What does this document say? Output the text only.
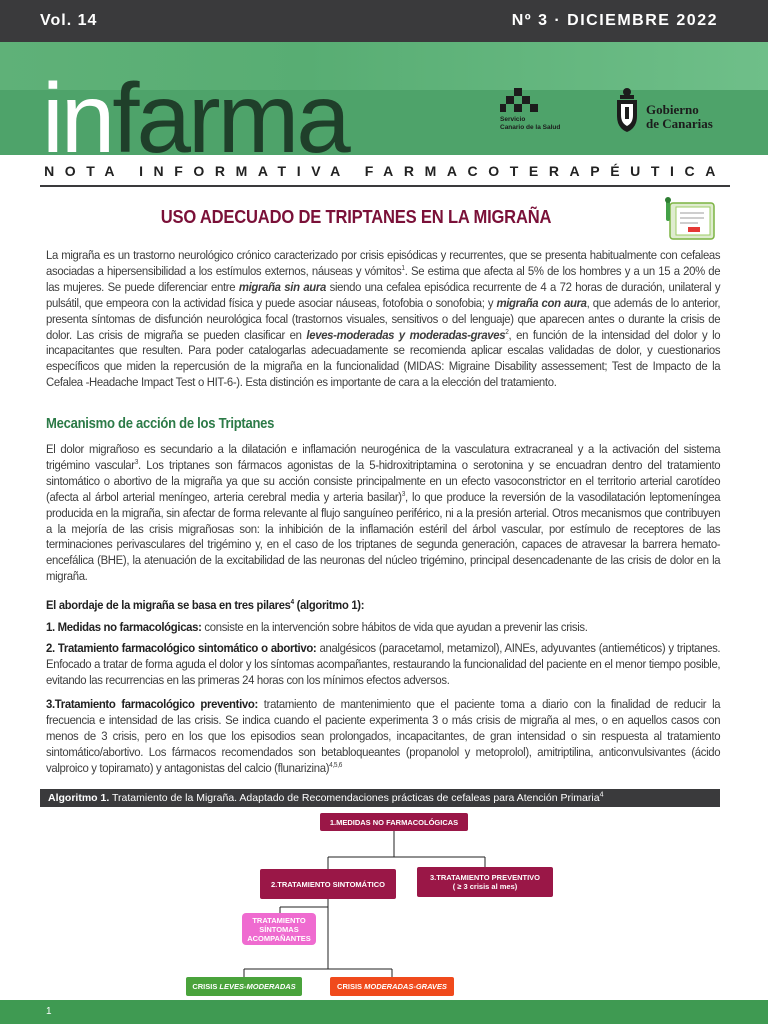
Vol. 14	Nº 3 · DICIEMBRE 2022
infarma	Servicio
Canario de la Salud
Gobierno
de Canarias
NOTA INFORMATIVA FARMACOTERAPÉUTICA
USO ADECUADO DE TRIPTANES EN LA MIGRAÑA

La migraña es un trastorno neurológico crónico caracterizado por crisis episódicas y recurrentes, que se presenta habitualmente con cefaleas asociadas a hipersensibilidad a los estímulos externos, náuseas y vómitos$^1$. Se estima que afecta al 5% de los hombres y a un 15 a 20% de las mujeres. Se puede diferenciar entre migraña sin aura siendo una cefalea episódica recurrente de 4 a 72 horas de duración, unilateral y pulsátil, que empeora con la actividad física y puede asociar náuseas, fotofobia o sonofobia; y migraña con aura, que además de lo anterior, presenta síntomas de disfunción neurológica focal (trastornos visuales, sensitivos o del lenguaje) que aparecen antes o durante la crisis de dolor. Las crisis de migraña se pueden clasificar en leves-moderadas y moderadas-graves$^2$, en función de la intensidad del dolor y lo incapacitantes que resulten. Para poder catalogarlas adecuadamente se recomienda aplicar escalas validadas de dolor, y cuestionarios específicos que miden la repercusión de la migraña en la funcionalidad (MIDAS: Migraine Disability assessement; Test de Impacto de la Cefalea -Headache Impact Test o HIT-6-). Esta distinción es importante de cara a la elección del tratamiento.

Mecanismo de acción de los Triptanes

El dolor migrañoso es secundario a la dilatación e inflamación neurogénica de la vasculatura extracraneal y a la activación del sistema trigémino vascular$^3$. Los triptanes son fármacos agonistas de la 5-hidroxitriptamina o serotonina y se encuadran dentro del tratamiento sintomático o abortivo de la migraña ya que su acción consiste principalmente en un efecto vasoconstrictor en el territorio arterial carotídeo (afecta al árbol arterial meníngeo, arteria cerebral media y arteria basilar)$^3$, lo que produce la reversión de la vasodilatación leptomeníngea producida en la migraña, sin afectar de forma relevante al flujo sanguíneo periférico, ni a la presión arterial. Otros mecanismos que contribuyen a la mejoría de las crisis migrañosas son: la inhibición de la inflamación estéril del árbol vascular, por estímulo de receptores de las terminaciones perivasculares del trigémino y, en el caso de los triptanes de segunda generación, capaces de atravesar la barrera hemato-encefálica (BHE), la atenuación de la excitabilidad de las neuronas del núcleo trigémino, principal desencadenante de las crisis de dolor en la migraña.

El abordaje de la migraña se basa en tres pilares$^4$ (algoritmo 1):

1. Medidas no farmacológicas: consiste en la intervención sobre hábitos de vida que ayudan a prevenir las crisis.

2. Tratamiento farmacológico sintomático o abortivo: analgésicos (paracetamol, metamizol), AINEs, adyuvantes (antieméticos) y triptanes. Enfocado a tratar de forma aguda el dolor y los síntomas acompañantes, restaurando la funcionalidad del paciente en el menor tiempo posible, evitando las recurrencias en las primeras 24 horas con los mínimos efectos adversos.

3.Tratamiento farmacológico preventivo: tratamiento de mantenimiento que el paciente toma a diario con la finalidad de reducir la frecuencia e intensidad de las crisis. Se indica cuando el paciente experimenta 3 o más crisis de migraña al mes, o en aquellos casos con menos de 3 crisis, pero en los que los episodios sean prolongados, incapacitantes, de gran intensidad o sin respuesta al tratamiento sintomático/abortivo. Los fármacos recomendados son betabloqueantes (propanolol y metoprolol), amitriptilina, anticonvulsivantes (ácido valproico y topiramato) y antagonistas del calcio (flunarizina)$^{4,5,6}$

Algoritmo 1. Tratamiento de la Migraña. Adaptado de Recomendaciones prácticas de cefaleas para Atención Primaria$^4$
1.MEDIDAS NO FARMACOLÓGICAS
2.TRATAMIENTO SINTOMÁTICO
3.TRATAMIENTO PREVENTIVO
( ≥ 3 crisis al mes)
TRATAMIENTO SÍNTOMAS ACOMPAÑANTES
CRISIS
LEVES-MODERADAS	CRISIS
MODERADAS-GRAVES
1
